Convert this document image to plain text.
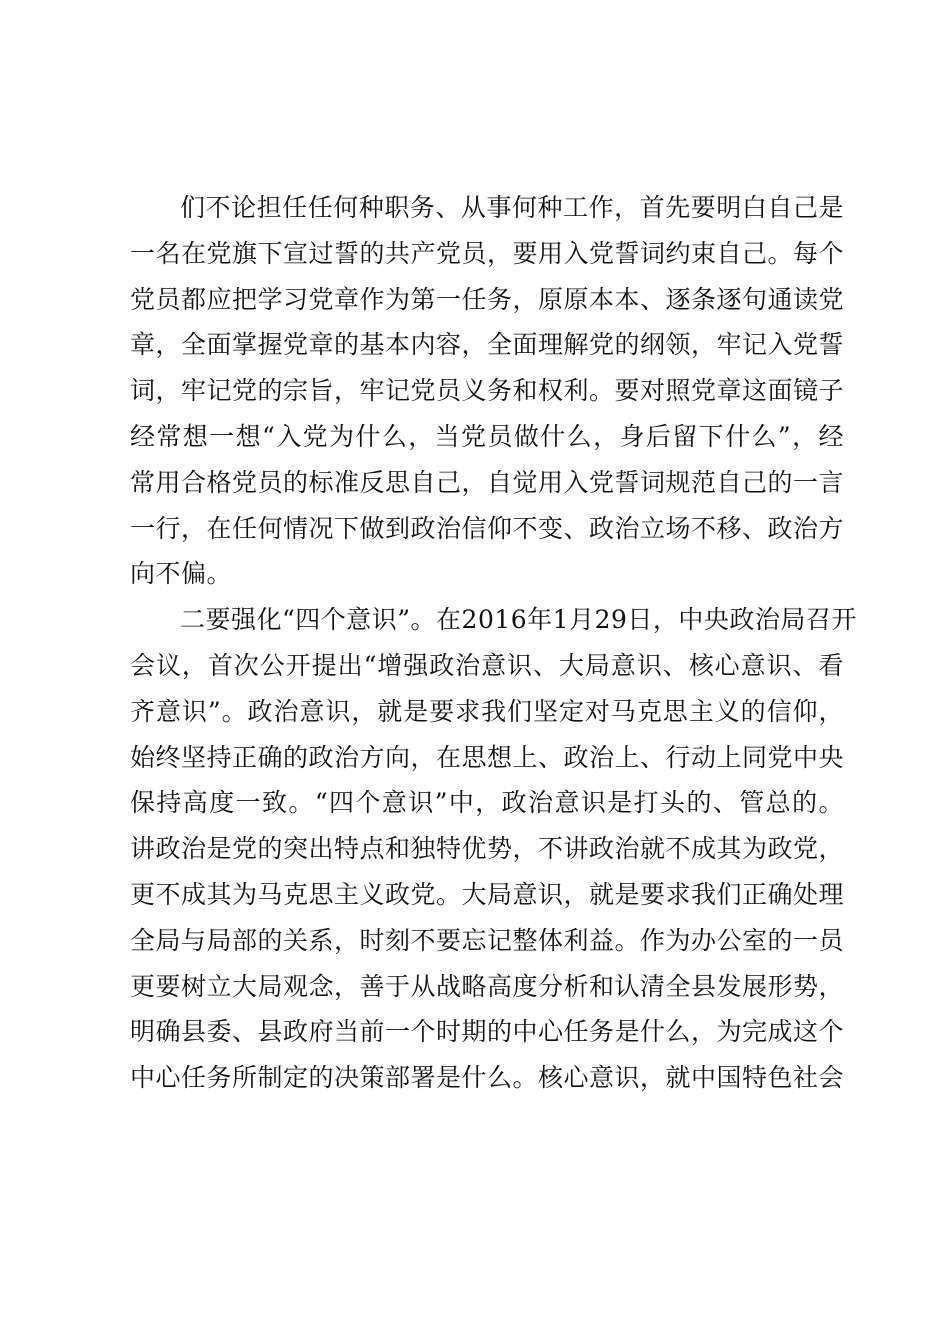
们不论担任任何种职务、从事何种工作，首先要明白自己是
一名在党旗下宣过誓的共产党员，要用入党誓词约束自己。每个
党员都应把学习党章作为第一任务，原原本本、逐条逐句通读党
章，全面掌握党章的基本内容，全面理解党的纲领，牢记入党誓
词，牢记党的宗旨，牢记党员义务和权利。要对照党章这面镜子
经常想一想“入党为什么，当党员做什么，身后留下什么”，经
常用合格党员的标准反思自己，自觉用入党誓词规范自己的一言
一行，在任何情况下做到政治信仰不变、政治立场不移、政治方
向不偏。
二要强化“四个意识”。在2016年1月29日，中央政治局召开
会议，首次公开提出“增强政治意识、大局意识、核心意识、看
齐意识”。政治意识，就是要求我们坚定对马克思主义的信仰，
始终坚持正确的政治方向，在思想上、政治上、行动上同党中央
保持高度一致。“四个意识”中，政治意识是打头的、管总的。
讲政治是党的突出特点和独特优势，不讲政治就不成其为政党，
更不成其为马克思主义政党。大局意识，就是要求我们正确处理
全局与局部的关系，时刻不要忘记整体利益。作为办公室的一员
更要树立大局观念，善于从战略高度分析和认清全县发展形势，
明确县委、县政府当前一个时期的中心任务是什么，为完成这个
中心任务所制定的决策部署是什么。核心意识，就中国特色社会
